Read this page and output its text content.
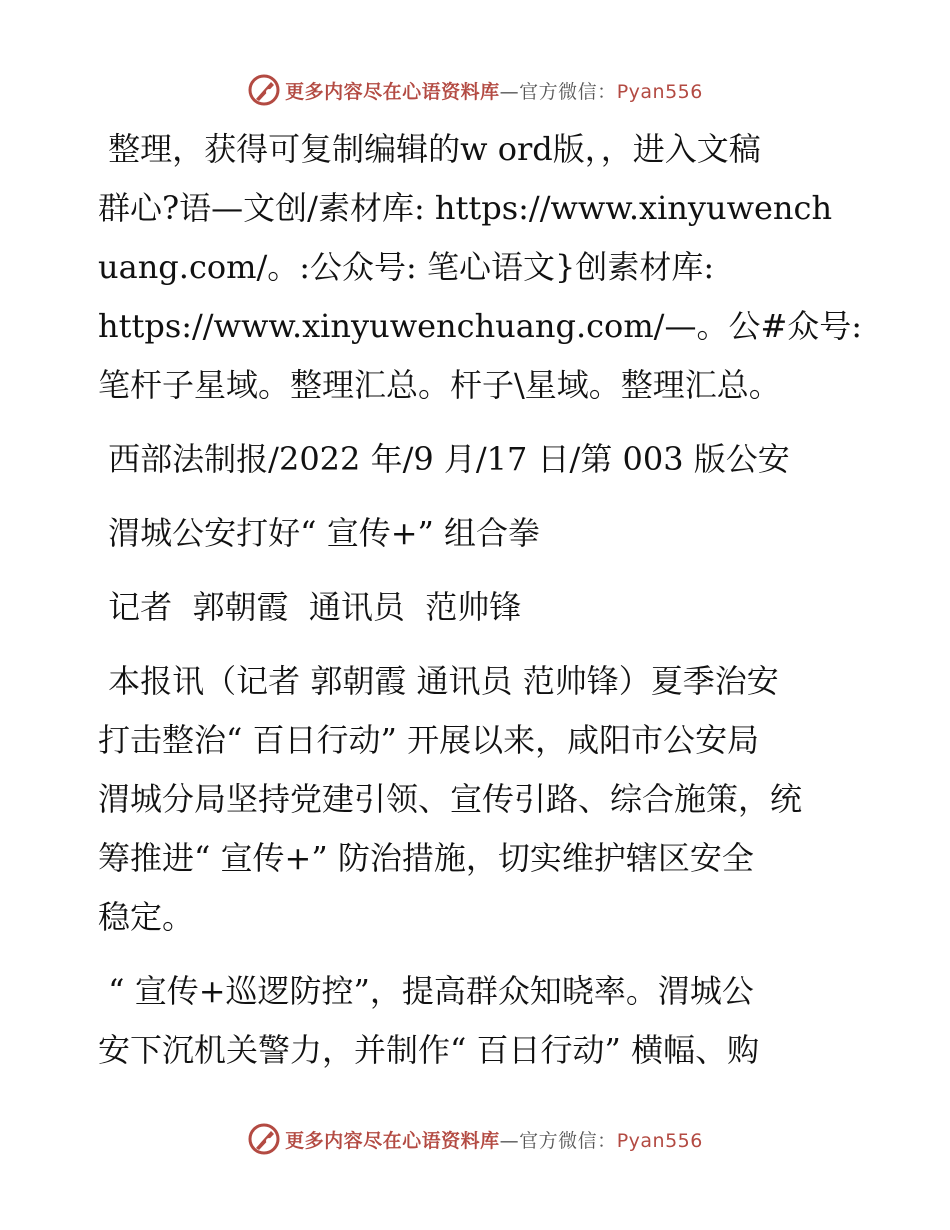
更多内容尽在心语资料库—官方微信：Pyan556
整理，获得可复制编辑的w ord版，，进入文稿
群心?语—文创/素材库: https://www.xinyuwench
uang.com/。:公众号: 笔心语文}创素材库:
https://www.xinyuwenchuang.com/—。公#众号:
笔杆子星域。整理汇总。杆子\星域。整理汇总。
西部法制报/2022 年/9 月/17 日/第 003 版公安
渭城公安打好“ 宣传+” 组合拳
记者  郭朝霞  通讯员  范帅锋
本报讯（记者 郭朝霞 通讯员 范帅锋）夏季治安
打击整治“ 百日行动” 开展以来，咸阳市公安局
渭城分局坚持党建引领、宣传引路、综合施策，统
筹推进“ 宣传+” 防治措施，切实维护辖区安全
稳定。
“ 宣传+巡逻防控”，提高群众知晓率。渭城公
安下沉机关警力，并制作“ 百日行动” 横幅、购
更多内容尽在心语资料库—官方微信：Pyan556
